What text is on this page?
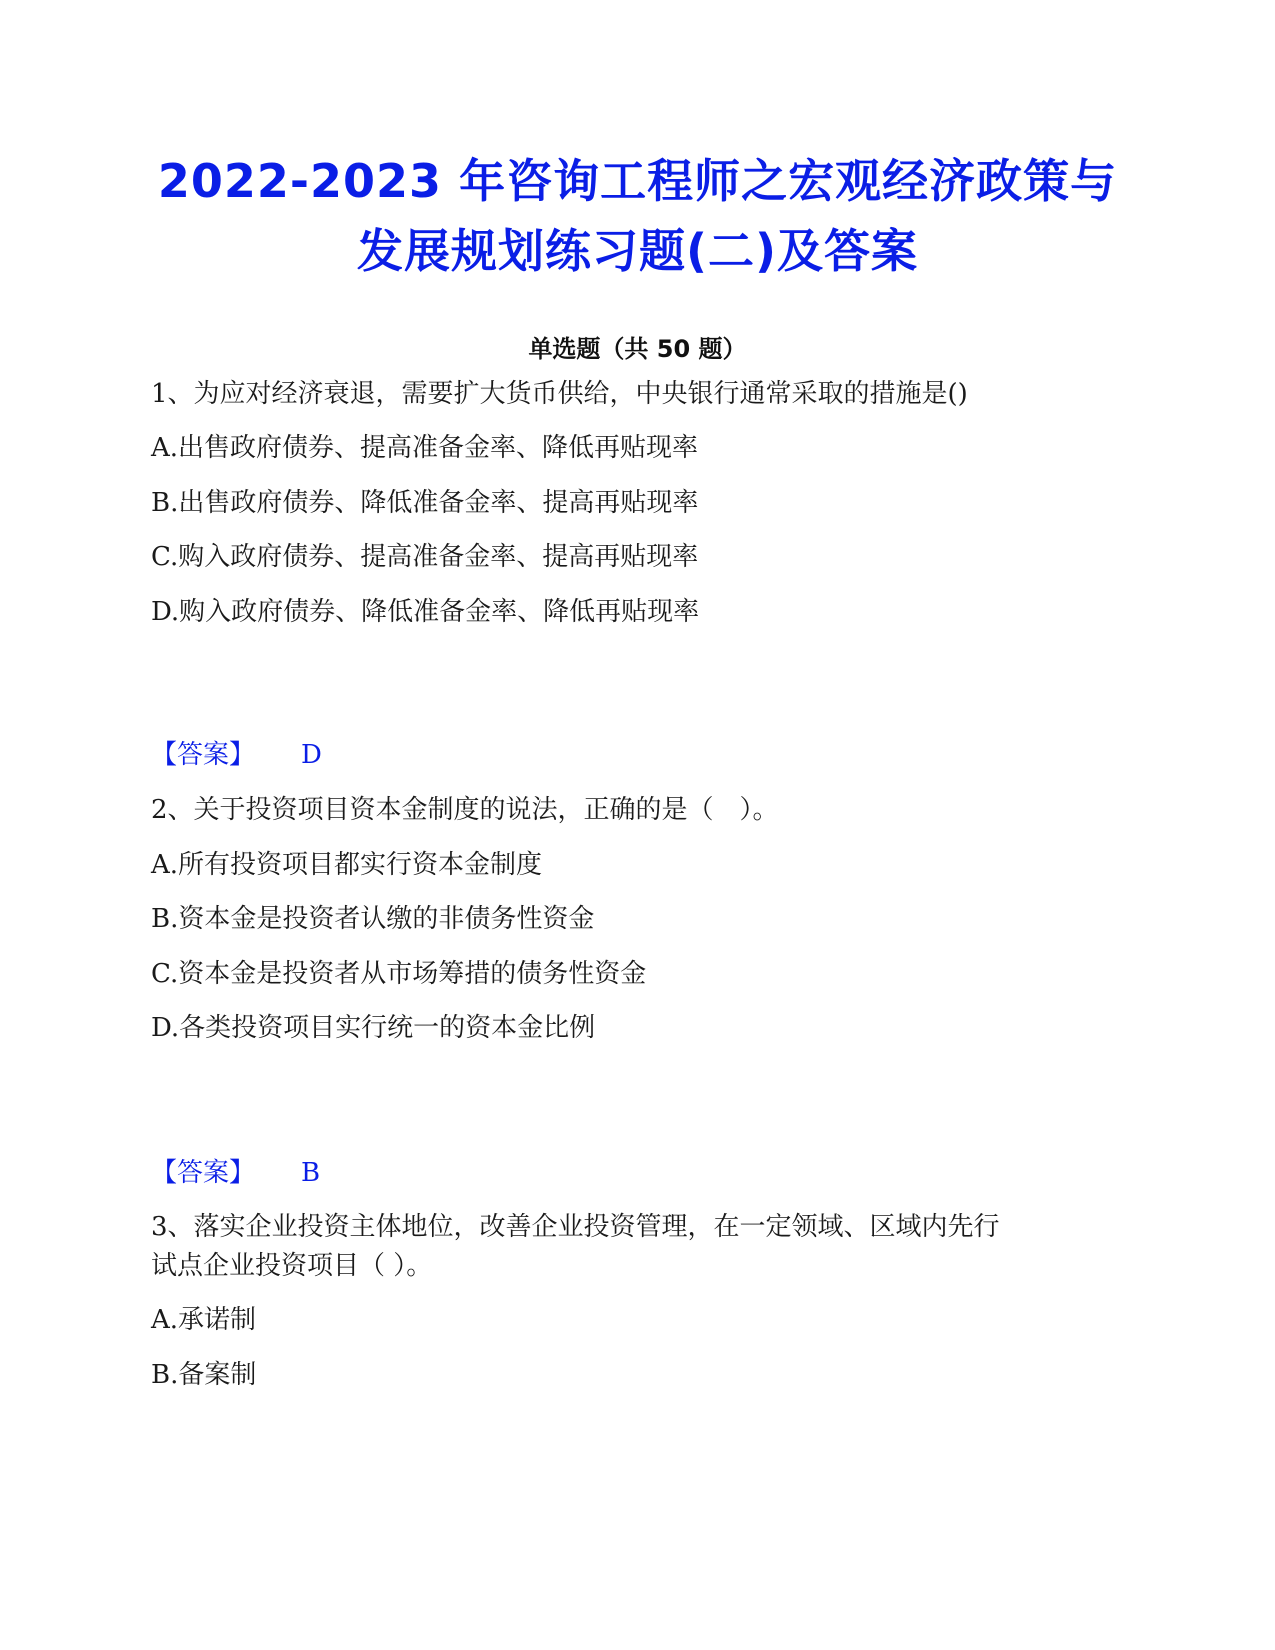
2022-2023 年咨询工程师之宏观经济政策与
发展规划练习题(二)及答案
单选题（共 50 题）
1、为应对经济衰退，需要扩大货币供给，中央银行通常采取的措施是()
A.出售政府债券、提高准备金率、降低再贴现率
B.出售政府债券、降低准备金率、提高再贴现率
C.购入政府债券、提高准备金率、提高再贴现率
D.购入政府债券、降低准备金率、降低再贴现率
【答案】 D
2、关于投资项目资本金制度的说法，正确的是（　）。
A.所有投资项目都实行资本金制度
B.资本金是投资者认缴的非债务性资金
C.资本金是投资者从市场筹措的债务性资金
D.各类投资项目实行统一的资本金比例
【答案】 B
3、落实企业投资主体地位，改善企业投资管理，在一定领域、区域内先行
试点企业投资项目（ ）。
A.承诺制
B.备案制
